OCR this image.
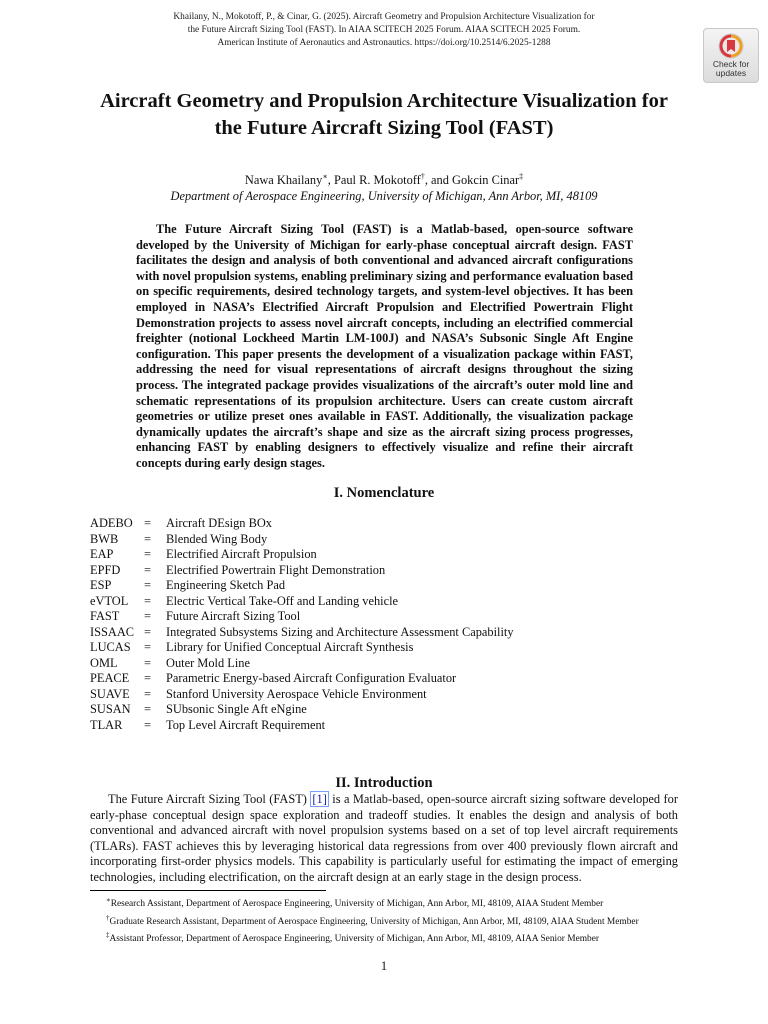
Khailany, N., Mokotoff, P., & Cinar, G. (2025). Aircraft Geometry and Propulsion Architecture Visualization for
the Future Aircraft Sizing Tool (FAST). In AIAA SCITECH 2025 Forum. AIAA SCITECH 2025 Forum.
American Institute of Aeronautics and Astronautics. https://doi.org/10.2514/6.2025-1288
Check for
updates
Aircraft Geometry and Propulsion Architecture Visualization for
the Future Aircraft Sizing Tool (FAST)
Nawa Khailany∗, Paul R. Mokotoff†, and Gokcin Cinar‡
Department of Aerospace Engineering, University of Michigan, Ann Arbor, MI, 48109

The Future Aircraft Sizing Tool (FAST) is a Matlab-based, open-source software developed by the University of Michigan for early-phase conceptual aircraft design. FAST facilitates the design and analysis of both conventional and advanced aircraft configurations with novel propulsion systems, enabling preliminary sizing and performance evaluation based on specific requirements, desired technology targets, and system-level objectives. It has been employed in NASA’s Electrified Aircraft Propulsion and Electrified Powertrain Flight Demonstration projects to assess novel aircraft concepts, including an electrified commercial freighter (notional Lockheed Martin LM-100J) and NASA’s Subsonic Single Aft Engine configuration. This paper presents the development of a visualization package within FAST, addressing the need for visual representations of aircraft designs throughout the sizing process. The integrated package provides visualizations of the aircraft’s outer mold line and schematic representations of its propulsion architecture. Users can create custom aircraft geometries or utilize preset ones available in FAST. Additionally, the visualization package dynamically updates the aircraft’s shape and size as the aircraft sizing process progresses, enhancing FAST by enabling designers to effectively visualize and refine their aircraft concepts during early design stages.

I. Nomenclature
ADEBO =	Aircraft DEsign BOx
BWB	=	Blended Wing Body
EAP	=	Electrified Aircraft Propulsion
EPFD	=	Electrified Powertrain Flight Demonstration
ESP	=	Engineering Sketch Pad
eVTOL	=	Electric Vertical Take-Off and Landing vehicle
FAST	=	Future Aircraft Sizing Tool
ISSAAC =	Integrated Subsystems Sizing and Architecture Assessment Capability
LUCAS	=	Library for Unified Conceptual Aircraft Synthesis
OML	=	Outer Mold Line
PEACE	=	Parametric Energy-based Aircraft Configuration Evaluator
SUAVE	=	Stanford University Aerospace Vehicle Environment
SUSAN	=	SUbsonic Single Aft eNgine
TLAR	=	Top Level Aircraft Requirement
II. Introduction

The Future Aircraft Sizing Tool (FAST) [1] is a Matlab-based, open-source aircraft sizing software developed for early-phase conceptual design space exploration and tradeoff studies. It enables the design and analysis of both conventional and advanced aircraft with novel propulsion systems based on a set of top level aircraft requirements (TLARs). FAST achieves this by leveraging historical data regressions from over 400 previously flown aircraft and incorporating first-order physics models. This capability is particularly useful for estimating the impact of emerging technologies, including electrification, on the aircraft design at an early stage in the design process.

∗Research Assistant, Department of Aerospace Engineering, University of Michigan, Ann Arbor, MI, 48109, AIAA Student Member
†Graduate Research Assistant, Department of Aerospace Engineering, University of Michigan, Ann Arbor, MI, 48109, AIAA Student Member
‡Assistant Professor, Department of Aerospace Engineering, University of Michigan, Ann Arbor, MI, 48109, AIAA Senior Member
1
